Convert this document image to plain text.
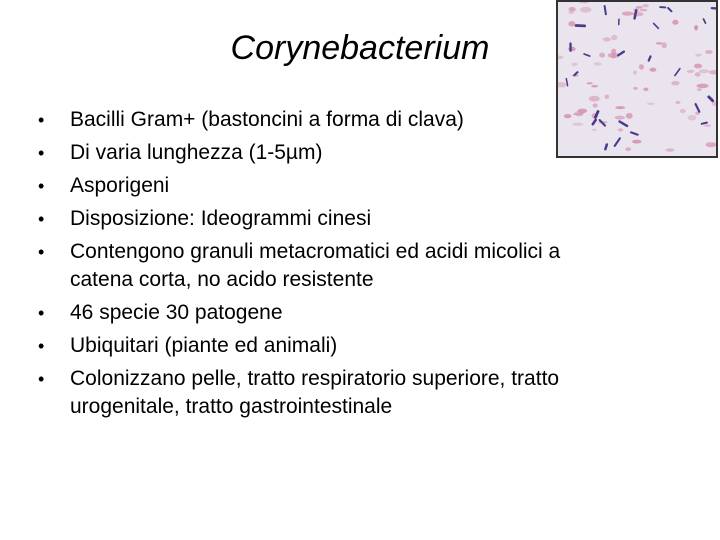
Corynebacterium
•	Bacilli Gram+ (bastoncini a forma di clava)
•	Di varia lunghezza (1-5µm)
•	Asporigeni
•	Disposizione: Ideogrammi cinesi
•	Contengono granuli metacromatici ed acidi micolici a catena corta, no acido resistente
•	46 specie 30 patogene
•	Ubiquitari (piante ed animali)
•	Colonizzano pelle, tratto respiratorio superiore, tratto urogenitale, tratto gastrointestinale
